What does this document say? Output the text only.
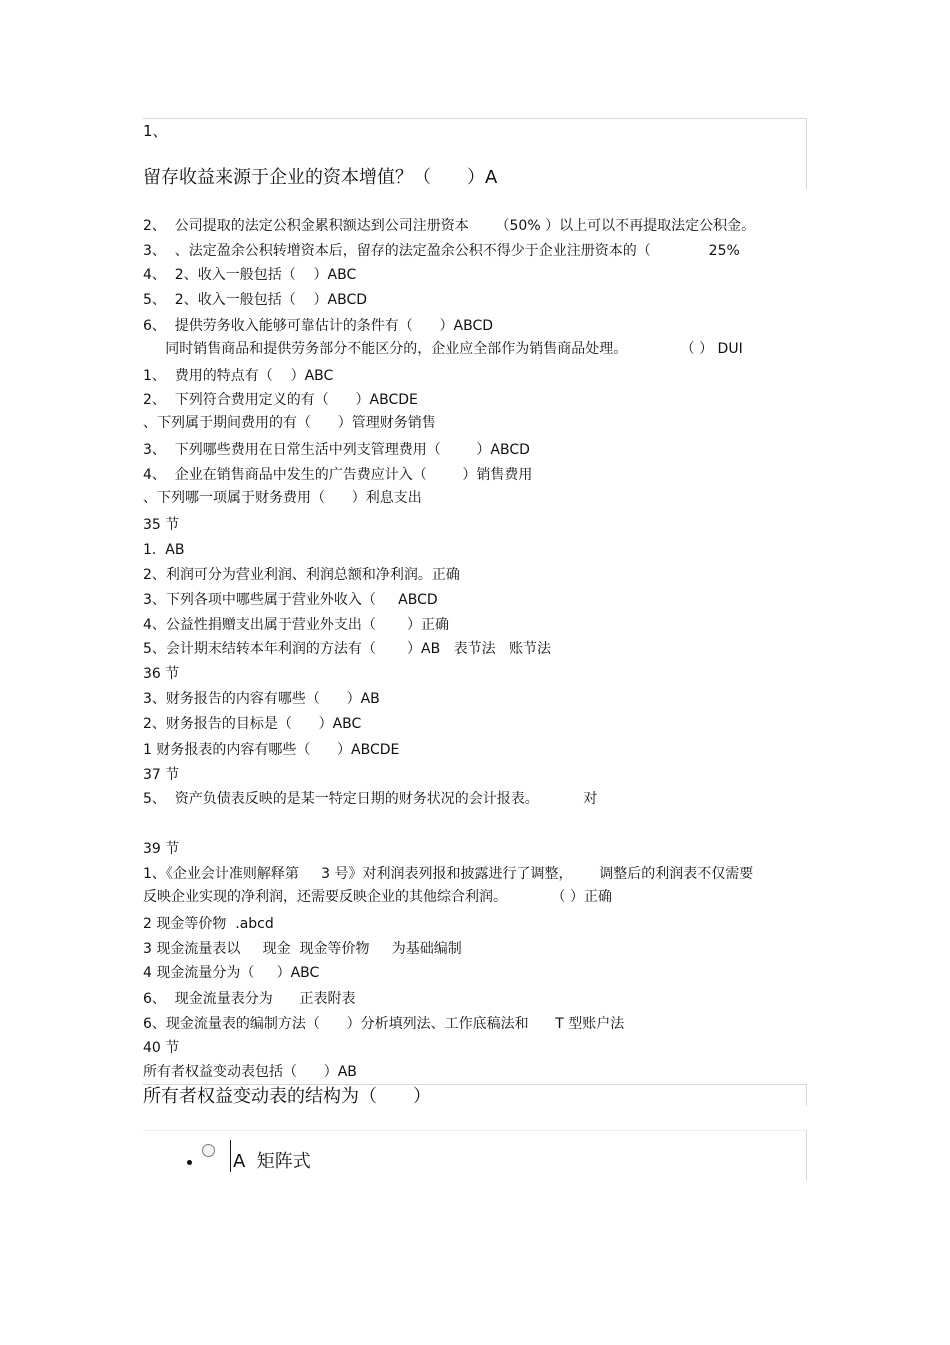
1、
留存收益来源于企业的资本增值？（　　）A
2、  公司提取的法定公积金累积额达到公司注册资本      （50% ）以上可以不再提取法定公积金。
3、  、法定盈余公积转增资本后，留存的法定盈余公积不得少于企业注册资本的（             25%
4、  2、收入一般包括（    ）ABC
5、  2、收入一般包括（    ）ABCD
6、  提供劳务收入能够可靠估计的条件有（      ）ABCD
同时销售商品和提供劳务部分不能区分的，企业应全部作为销售商品处理。            （ ） DUI
1、  费用的特点有（    ）ABC
2、  下列符合费用定义的有（      ）ABCDE
、下列属于期间费用的有（      ）管理财务销售
3、  下列哪些费用在日常生活中列支管理费用（        ）ABCD
4、  企业在销售商品中发生的广告费应计入（        ）销售费用
、下列哪一项属于财务费用（      ）利息支出
35 节
1.  AB
2、利润可分为营业利润、利润总额和净利润。正确
3、下列各项中哪些属于营业外收入（     ABCD
4、公益性捐赠支出属于营业外支出（       ）正确
5、会计期末结转本年利润的方法有（       ）AB   表节法   账节法
36 节
3、财务报告的内容有哪些（      ）AB
2、财务报告的目标是（      ）ABC
1 财务报表的内容有哪些（      ）ABCDE
37 节
5、  资产负债表反映的是某一特定日期的财务状况的会计报表。          对
39 节
1、《企业会计准则解释第     3 号》对利润表列报和披露进行了调整，      调整后的利润表不仅需要
反映企业实现的净利润，还需要反映企业的其他综合利润。          （ ）正确
2 现金等价物  .abcd
3 现金流量表以     现金  现金等价物     为基础编制
4 现金流量分为（     ）ABC
6、  现金流量表分为      正表附表
6、现金流量表的编制方法（      ）分析填列法、工作底稿法和      T 型账户法
40 节
所有者权益变动表包括（      ）AB
所有者权益变动表的结构为（　　）
A  矩阵式
